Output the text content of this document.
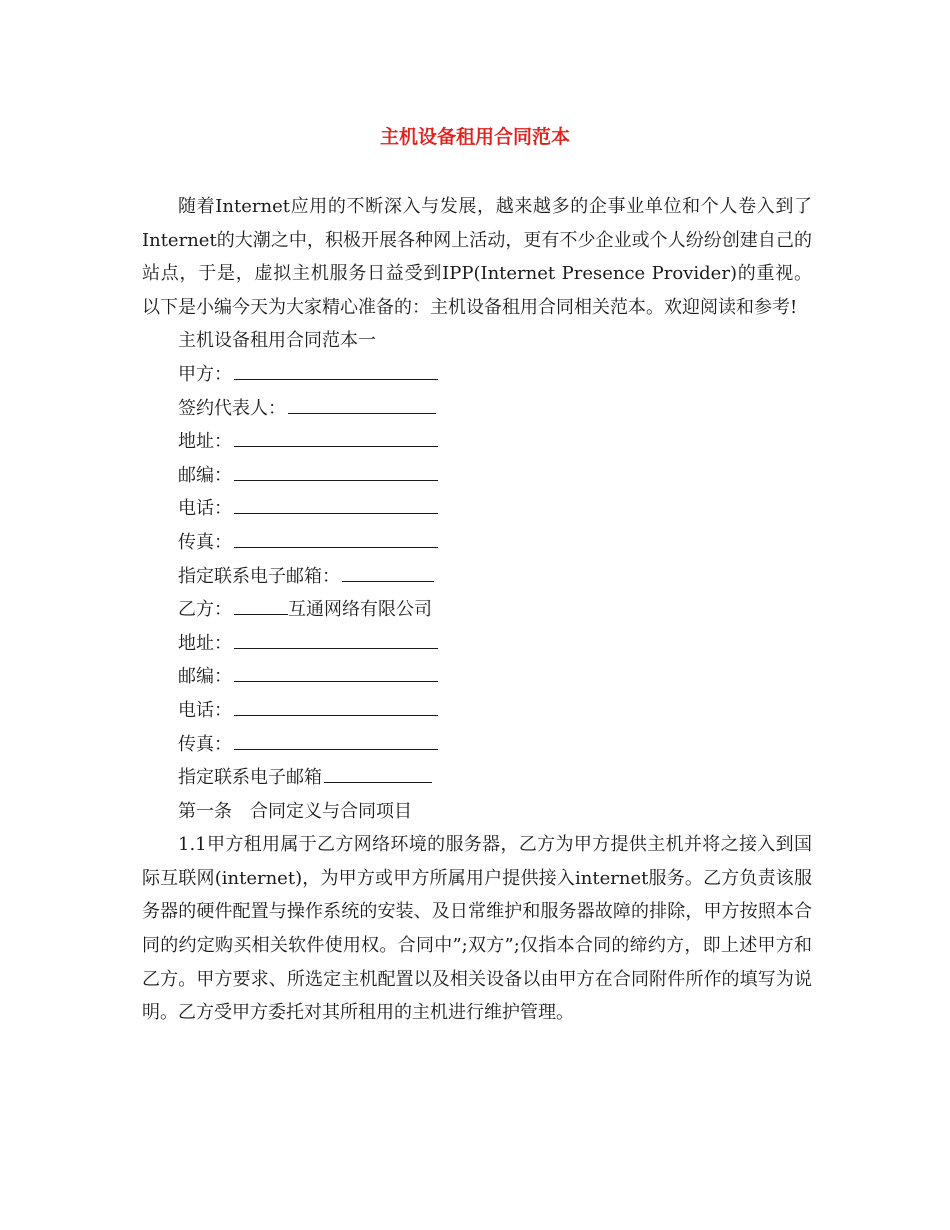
主机设备租用合同范本

随着Internet应用的不断深入与发展，越来越多的企事业单位和个人卷入到了Internet的大潮之中，积极开展各种网上活动，更有不少企业或个人纷纷创建自己的站点，于是，虚拟主机服务日益受到IPP(Internet Presence Provider)的重视。以下是小编今天为大家精心准备的：主机设备租用合同相关范本。欢迎阅读和参考!

主机设备租用合同范本一

甲方：

签约代表人：

地址：

邮编：

电话：

传真：

指定联系电子邮箱：

乙方：	互通网络有限公司

地址：

邮编：

电话：

传真：

指定联系电子邮箱

第一条 合同定义与合同项目

1.1甲方租用属于乙方网络环境的服务器，乙方为甲方提供主机并将之接入到国际互联网(internet)，为甲方或甲方所属用户提供接入internet服务。乙方负责该服务器的硬件配置与操作系统的安装、及日常维护和服务器故障的排除，甲方按照本合同的约定购买相关软件使用权。合同中”;双方”;仅指本合同的缔约方，即上述甲方和乙方。甲方要求、所选定主机配置以及相关设备以由甲方在合同附件所作的填写为说明。乙方受甲方委托对其所租用的主机进行维护管理。
